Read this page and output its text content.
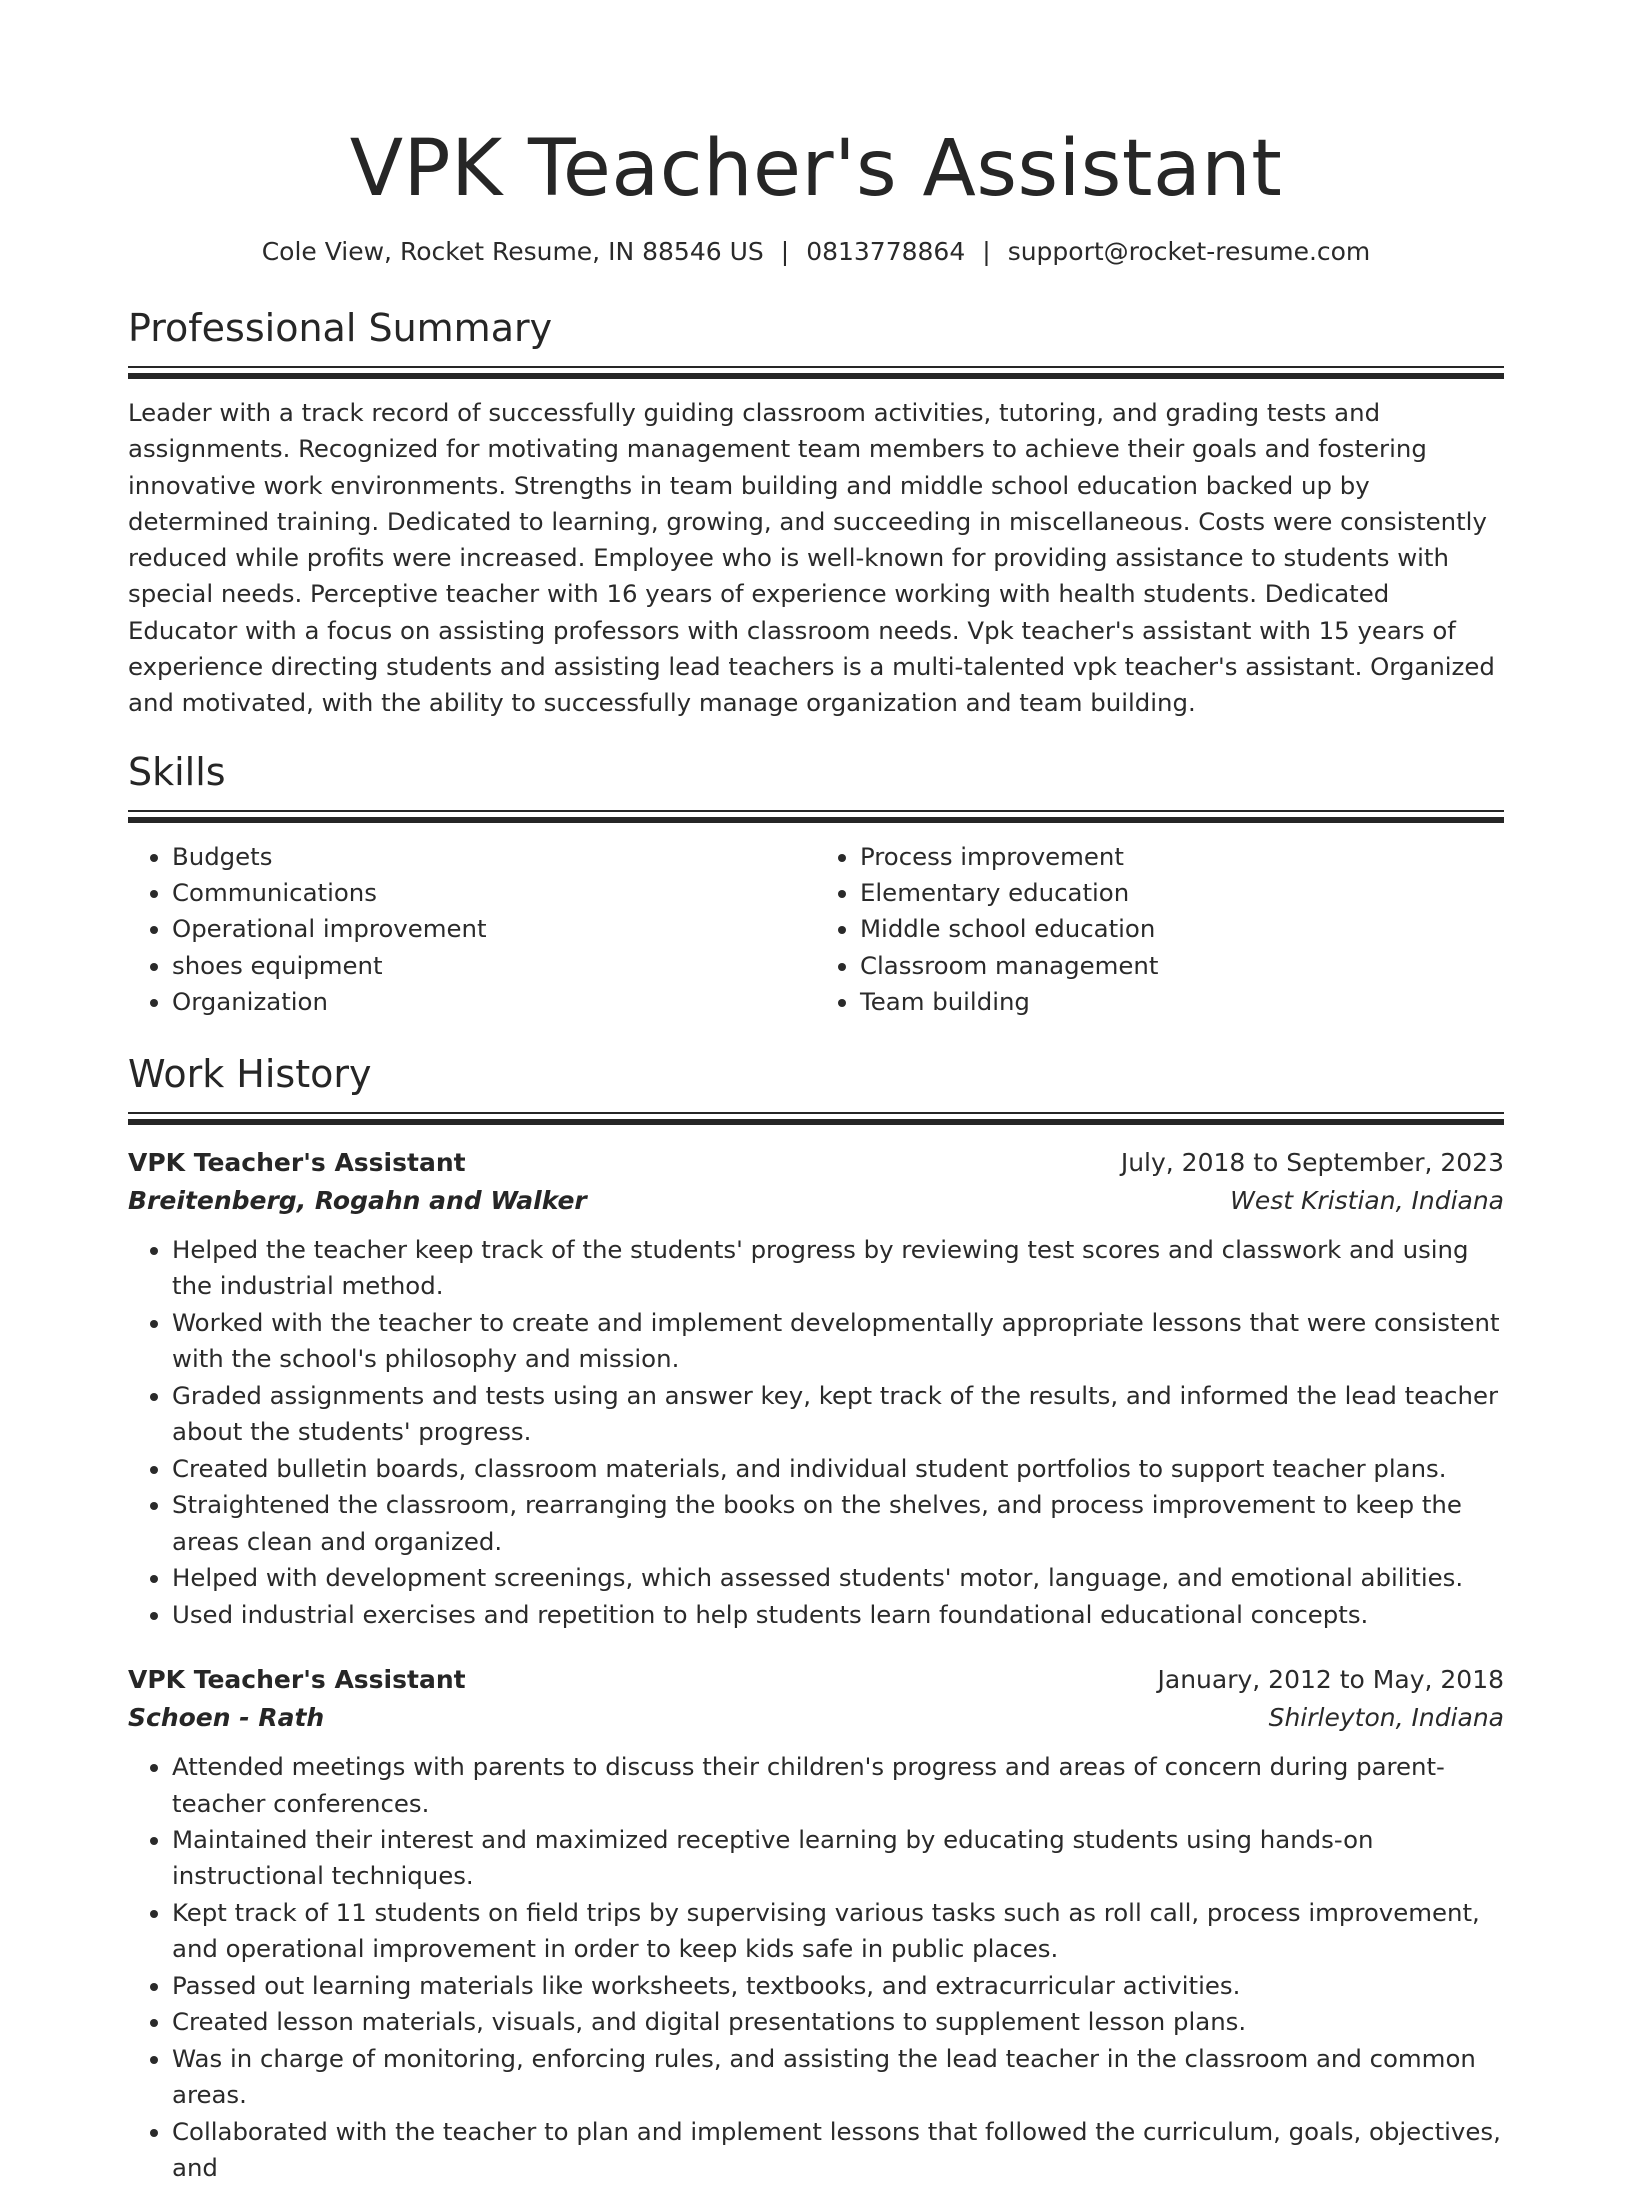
VPK Teacher's Assistant
Cole View, Rocket Resume, IN 88546 US | 0813778864 | support@rocket-resume.com
Professional Summary

Leader with a track record of successfully guiding classroom activities, tutoring, and grading tests and assignments. Recognized for motivating management team members to achieve their goals and fostering innovative work environments. Strengths in team building and middle school education backed up by determined training. Dedicated to learning, growing, and succeeding in miscellaneous. Costs were consistently reduced while profits were increased. Employee who is well-known for providing assistance to students with special needs. Perceptive teacher with 16 years of experience working with health students. Dedicated Educator with a focus on assisting professors with classroom needs. Vpk teacher's assistant with 15 years of experience directing students and assisting lead teachers is a multi-talented vpk teacher's assistant. Organized and motivated, with the ability to successfully manage organization and team building.

Skills
• Budgets
• Communications
• Operational improvement
• shoes equipment
• Organization
• Process improvement
• Elementary education
• Middle school education
• Classroom management
• Team building
Work History
VPK Teacher's Assistant	July, 2018 to September, 2023
Breitenberg, Rogahn and Walker	West Kristian, Indiana
• Helped the teacher keep track of the students' progress by reviewing test scores and classwork and using the industrial method.
• Worked with the teacher to create and implement developmentally appropriate lessons that were consistent with the school's philosophy and mission.
• Graded assignments and tests using an answer key, kept track of the results, and informed the lead teacher about the students' progress.
• Created bulletin boards, classroom materials, and individual student portfolios to support teacher plans.
• Straightened the classroom, rearranging the books on the shelves, and process improvement to keep the areas clean and organized.
• Helped with development screenings, which assessed students' motor, language, and emotional abilities.
• Used industrial exercises and repetition to help students learn foundational educational concepts.
VPK Teacher's Assistant	January, 2012 to May, 2018
Schoen - Rath	Shirleyton, Indiana
• Attended meetings with parents to discuss their children's progress and areas of concern during parent-teacher conferences.
• Maintained their interest and maximized receptive learning by educating students using hands-on instructional techniques.
• Kept track of 11 students on field trips by supervising various tasks such as roll call, process improvement, and operational improvement in order to keep kids safe in public places.
• Passed out learning materials like worksheets, textbooks, and extracurricular activities.
• Created lesson materials, visuals, and digital presentations to supplement lesson plans.
• Was in charge of monitoring, enforcing rules, and assisting the lead teacher in the classroom and common areas.
• Collaborated with the teacher to plan and implement lessons that followed the curriculum, goals, objectives, and
